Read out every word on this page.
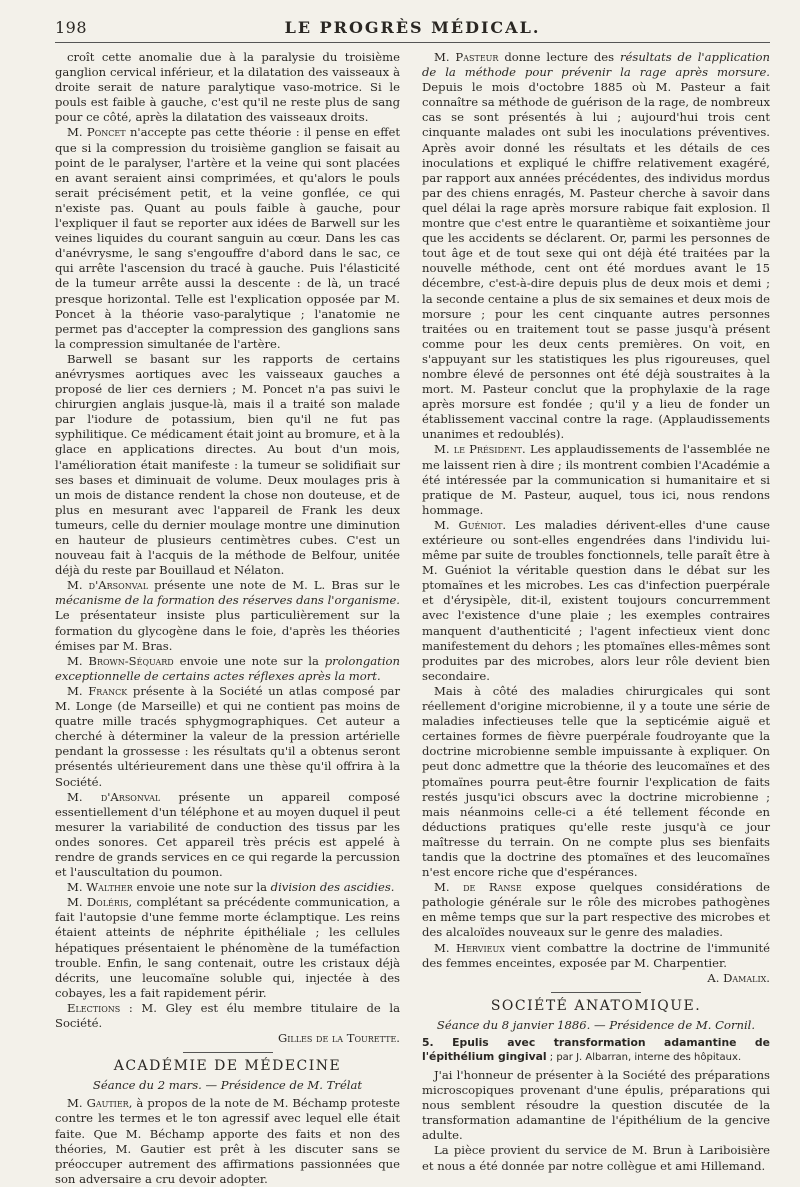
198	LE PROGRÈS MÉDICAL.

croît cette anomalie due à la paralysie du troisième ganglion cervical inférieur, et la dilatation des vaisseaux à droite serait de nature paralytique vaso-motrice. Si le pouls est faible à gauche, c'est qu'il ne reste plus de sang pour ce côté, après la dilatation des vaisseaux droits.

M. Poncet n'accepte pas cette théorie : il pense en effet que si la compression du troisième ganglion se faisait au point de le paralyser, l'artère et la veine qui sont placées en avant seraient ainsi comprimées, et qu'alors le pouls serait précisément petit, et la veine gonflée, ce qui n'existe pas. Quant au pouls faible à gauche, pour l'expliquer il faut se reporter aux idées de Barwell sur les veines liquides du courant sanguin au cœur. Dans les cas d'anévrysme, le sang s'engouffre d'abord dans le sac, ce qui arrête l'ascension du tracé à gauche. Puis l'élasticité de la tumeur arrête aussi la descente : de là, un tracé presque horizontal. Telle est l'explication opposée par M. Poncet à la théorie vaso-paralytique ; l'anatomie ne permet pas d'accepter la compression des ganglions sans la compression simultanée de l'artère.

Barwell se basant sur les rapports de certains anévrysmes aortiques avec les vaisseaux gauches a proposé de lier ces derniers ; M. Poncet n'a pas suivi le chirurgien anglais jusque-là, mais il a traité son malade par l'iodure de potassium, bien qu'il ne fut pas syphilitique. Ce médicament était joint au bromure, et à la glace en applications directes. Au bout d'un mois, l'amélioration était manifeste : la tumeur se solidifiait sur ses bases et diminuait de volume. Deux moulages pris à un mois de distance rendent la chose non douteuse, et de plus en mesurant avec l'appareil de Frank les deux tumeurs, celle du dernier moulage montre une diminution en hauteur de plusieurs centimètres cubes. C'est un nouveau fait à l'acquis de la méthode de Belfour, unitée déjà du reste par Bouillaud et Nélaton.

M. d'Arsonval présente une note de M. L. Bras sur le mécanisme de la formation des réserves dans l'organisme. Le présentateur insiste plus particulièrement sur la formation du glycogène dans le foie, d'après les théories émises par M. Bras.

M. Brown-Séquard envoie une note sur la prolongation exceptionnelle de certains actes réflexes après la mort.

M. Franck présente à la Société un atlas composé par M. Longe (de Marseille) et qui ne contient pas moins de quatre mille tracés sphygmographiques. Cet auteur a cherché à déterminer la valeur de la pression artérielle pendant la grossesse : les résultats qu'il a obtenus seront présentés ultérieurement dans une thèse qu'il offrira à la Société.

M. d'Arsonval présente un appareil composé essentiellement d'un téléphone et au moyen duquel il peut mesurer la variabilité de conduction des tissus par les ondes sonores. Cet appareil très précis est appelé à rendre de grands services en ce qui regarde la percussion et l'auscultation du poumon.

M. Walther envoie une note sur la division des ascidies.

M. Doléris, complétant sa précédente communication, a fait l'autopsie d'une femme morte éclamptique. Les reins étaient atteints de néphrite épithéliale ; les cellules hépatiques présentaient le phénomène de la tuméfaction trouble. Enfin, le sang contenait, outre les cristaux déjà décrits, une leucomaïne soluble qui, injectée à des cobayes, les a fait rapidement périr.

Elections : M. Gley est élu membre titulaire de la Société.

Gilles de la Tourette.

ACADÉMIE DE MÉDECINE

Séance du 2 mars. — Présidence de M. Trélat

M. Gautier, à propos de la note de M. Béchamp proteste contre les termes et le ton agressif avec lequel elle était faite. Que M. Béchamp apporte des faits et non des théories, M. Gautier est prêt à les discuter sans se préoccuper autrement des affirmations passionnées que son adversaire a cru devoir adopter.

M. Pasteur donne lecture des résultats de l'application de la méthode pour prévenir la rage après morsure. Depuis le mois d'octobre 1885 où M. Pasteur a fait connaître sa méthode de guérison de la rage, de nombreux cas se sont présentés à lui ; aujourd'hui trois cent cinquante malades ont subi les inoculations préventives. Après avoir donné les résultats et les détails de ces inoculations et expliqué le chiffre relativement exagéré, par rapport aux années précédentes, des individus mordus par des chiens enragés, M. Pasteur cherche à savoir dans quel délai la rage après morsure rabique fait explosion. Il montre que c'est entre le quarantième et soixantième jour que les accidents se déclarent. Or, parmi les personnes de tout âge et de tout sexe qui ont déjà été traitées par la nouvelle méthode, cent ont été mordues avant le 15 décembre, c'est-à-dire depuis plus de deux mois et demi ; la seconde centaine a plus de six semaines et deux mois de morsure ; pour les cent cinquante autres personnes traitées ou en traitement tout se passe jusqu'à présent comme pour les deux cents premières. On voit, en s'appuyant sur les statistiques les plus rigoureuses, quel nombre élevé de personnes ont été déjà soustraites à la mort. M. Pasteur conclut que la prophylaxie de la rage après morsure est fondée ; qu'il y a lieu de fonder un établissement vaccinal contre la rage. (Applaudissements unanimes et redoublés).

M. le Président. Les applaudissements de l'assemblée ne me laissent rien à dire ; ils montrent combien l'Académie a été intéressée par la communication si humanitaire et si pratique de M. Pasteur, auquel, tous ici, nous rendons hommage.

M. Guéniot. Les maladies dérivent-elles d'une cause extérieure ou sont-elles engendrées dans l'individu lui-même par suite de troubles fonctionnels, telle paraît être à M. Guéniot la véritable question dans le débat sur les ptomaïnes et les microbes. Les cas d'infection puerpérale et d'érysipèle, dit-il, existent toujours concurremment avec l'existence d'une plaie ; les exemples contraires manquent d'authenticité ; l'agent infectieux vient donc manifestement du dehors ; les ptomaïnes elles-mêmes sont produites par des microbes, alors leur rôle devient bien secondaire.

Mais à côté des maladies chirurgicales qui sont réellement d'origine microbienne, il y a toute une série de maladies infectieuses telle que la septicémie aiguë et certaines formes de fièvre puerpérale foudroyante que la doctrine microbienne semble impuissante à expliquer. On peut donc admettre que la théorie des leucomaïnes et des ptomaïnes pourra peut-être fournir l'explication de faits restés jusqu'ici obscurs avec la doctrine microbienne ; mais néanmoins celle-ci a été tellement féconde en déductions pratiques qu'elle reste jusqu'à ce jour maîtresse du terrain. On ne compte plus ses bienfaits tandis que la doctrine des ptomaïnes et des leucomaïnes n'est encore riche que d'espérances.

M. de Ranse expose quelques considérations de pathologie générale sur le rôle des microbes pathogènes en même temps que sur la part respective des microbes et des alcaloïdes nouveaux sur le genre des maladies.

M. Hervieux vient combattre la doctrine de l'immunité des femmes enceintes, exposée par M. Charpentier.

A. Damalix.

SOCIÉTÉ ANATOMIQUE.

Séance du 8 janvier 1886. — Présidence de M. Cornil.

5. Epulis avec transformation adamantine de l'épithélium gingival ; par J. Albarran, interne des hôpitaux.

J'ai l'honneur de présenter à la Société des préparations microscopiques provenant d'une épulis, préparations qui nous semblent résoudre la question discutée de la transformation adamantine de l'épithélium de la gencive adulte.

La pièce provient du service de M. Brun à Lariboisière et nous a été donnée par notre collègue et ami Hillemand.
